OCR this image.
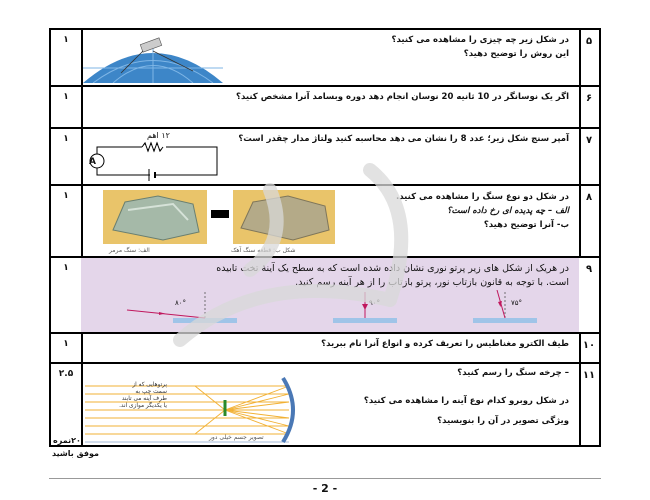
۵
۱	در شکل زیر چه چیزی را مشاهده می کنید؟
این روش را توضیح دهید؟
۶
۱	اگر یک نوسانگر در 10 ثانیه 20 نوسان انجام دهد دوره وبسامد آنرا مشخص کنید؟
۷
۱	آمپر سنج شکل زیر؛ عدد 8 را نشان می دهد محاسبه کنید ولتاژ مدار چقدر است؟
A
۱۲ اهم
۸
۱	در شکل دو نوع سنگ را مشاهده می کنید.
الف – چه پدیده ای رخ داده است؟
ب- آنرا توضیح دهید؟
شکل ب: قطعه سنگ آهک
الف: سنگ مرمر
۹
۱	در هریک از شکل های زیر پرتو نوری نشان داده شده است که به سطح یک آینهٔ تخت تابیده
است. با توجه به قانون بازتاب نور، پرتو بازتاب را از هر آینه رسم کنید.
۸۰°	۹۰°	۷۵°
۱۰
۱	طیف الکترو مغناطیس را تعریف کرده و انواع آنرا نام ببرید؟
۱۱
۲.۵	– چرخه سنگ را رسم کنید؟
در شکل روبرو کدام نوع آینه را مشاهده می کنید؟
ویژگی تصویر در آن را بنویسید؟
پرتوهایی که از
سمت چپ به
طرف آینه می تابند
یا یکدیگر موازی اند.
تصویر جسم خیلی دور
۲۰نمره
موفق باشید
- 2 -
